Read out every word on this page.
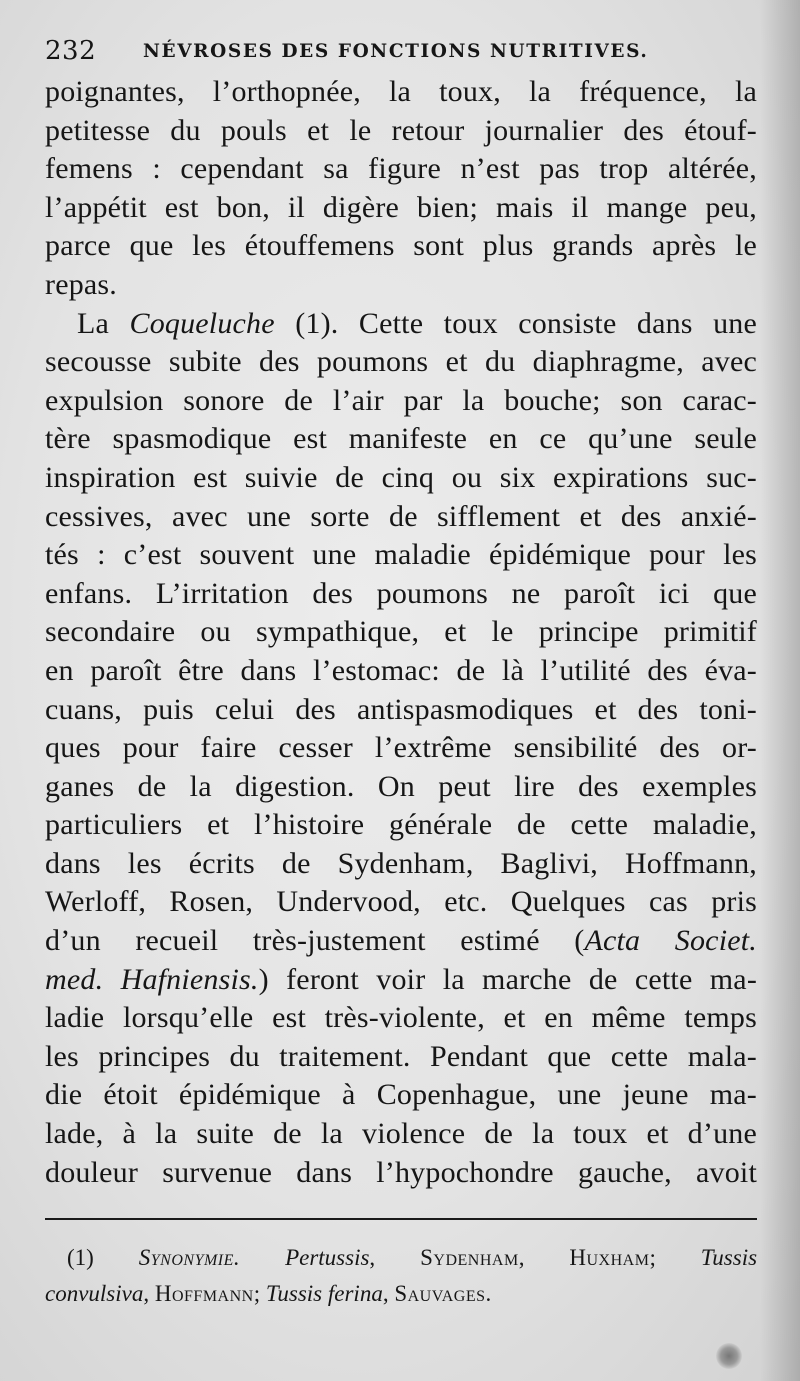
232	NÉVROSES DES FONCTIONS NUTRITIVES.
poignantes, l’orthopnée, la toux, la fréquence, la
petitesse du pouls et le retour journalier des étouf-
femens : cependant sa figure n’est pas trop altérée,
l’appétit est bon, il digère bien; mais il mange peu,
parce que les étouffemens sont plus grands après le
repas.
La Coqueluche (1). Cette toux consiste dans une
secousse subite des poumons et du diaphragme, avec
expulsion sonore de l’air par la bouche; son carac-
tère spasmodique est manifeste en ce qu’une seule
inspiration est suivie de cinq ou six expirations suc-
cessives, avec une sorte de sifflement et des anxié-
tés : c’est souvent une maladie épidémique pour les
enfans. L’irritation des poumons ne paroît ici que
secondaire ou sympathique, et le principe primitif
en paroît être dans l’estomac: de là l’utilité des éva-
cuans, puis celui des antispasmodiques et des toni-
ques pour faire cesser l’extrême sensibilité des or-
ganes de la digestion. On peut lire des exemples
particuliers et l’histoire générale de cette maladie,
dans les écrits de Sydenham, Baglivi, Hoffmann,
Werloff, Rosen, Undervood, etc. Quelques cas pris
d’un recueil très-justement estimé (Acta Societ.
med. Hafniensis.) feront voir la marche de cette ma-
ladie lorsqu’elle est très-violente, et en même temps
les principes du traitement. Pendant que cette mala-
die étoit épidémique à Copenhague, une jeune ma-
lade, à la suite de la violence de la toux et d’une
douleur survenue dans l’hypochondre gauche, avoit
(1) Synonymie. Pertussis, Sydenham, Huxham; Tussis
convulsiva, Hoffmann; Tussis ferina, Sauvages.
